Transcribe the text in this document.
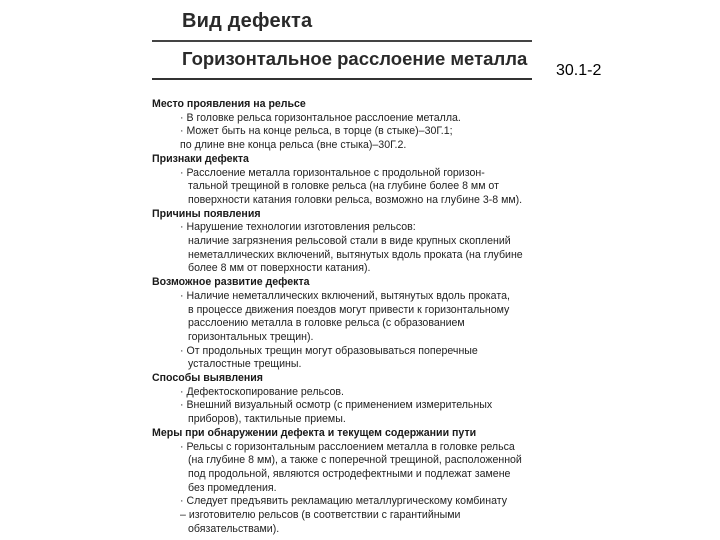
Вид дефекта
Горизонтальное расслоение металла
30.1-2
Место проявления на рельсе
· В головке рельса горизонтальное расслоение металла.
· Может быть на конце рельса, в торце (в стыке)–30Г.1;
по длине вне конца рельса (вне стыка)–30Г.2.
Признаки дефекта
· Расслоение металла горизонтальное с продольной горизон-
тальной трещиной в головке рельса (на глубине более 8 мм от
поверхности катания головки рельса, возможно на глубине 3-8 мм).
Причины появления
· Нарушение технологии изготовления рельсов:
наличие загрязнения рельсовой стали в виде крупных скоплений
неметаллических включений, вытянутых вдоль проката (на глубине
более 8 мм от поверхности катания).
Возможное развитие дефекта
· Наличие неметаллических включений, вытянутых вдоль проката,
в процессе движения поездов могут привести к горизонтальному
расслоению металла в головке рельса (с образованием
горизонтальных трещин).
· От продольных трещин могут образовываться поперечные
усталостные трещины.
Способы выявления
· Дефектоскопирование рельсов.
· Внешний визуальный осмотр (с применением измерительных
приборов), тактильные приемы.
Меры при обнаружении дефекта и текущем содержании пути
· Рельсы с горизонтальным расслоением металла в головке рельса
(на глубине 8 мм), а также с поперечной трещиной, расположенной
под продольной, являются остродефектными и подлежат замене
без промедления.
· Следует предъявить рекламацию металлургическому комбинату
– изготовителю рельсов (в соответствии с гарантийными
обязательствами).
